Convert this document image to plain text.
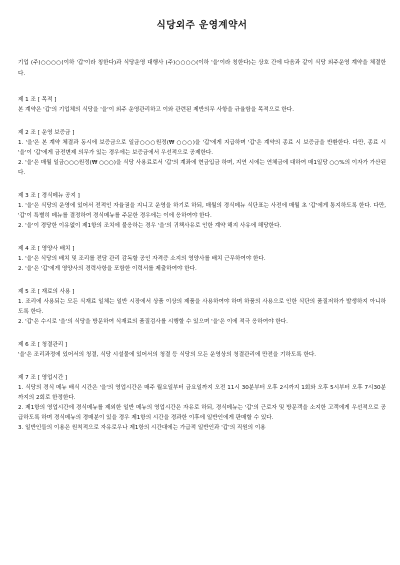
식당외주 운영계약서

기업 (주)○○○○(이하 '갑'이라 칭한다)과 식당운영 대행사 (주)○○○○(이하 '을'이라 칭한다)는 상호 간에 다음과 같이 식당 외주운영 계약을 체결한다.

제 1 조 [ 목적 ]

본 계약은 '갑'의 기업체의 식당을 '을'이 외주 운영관리하고 이와 관련된 제반의무 사항을 규율함을 목적으로 한다.

제 2 조 [ 운영 보증금 ]

1. '을'은 본 계약 체결과 동시에 보증금으로 일금○○○원정(₩ ○○○)을 '갑'에게 지급하며 '갑'은 계약의 종료 시 보증금을 반환한다. 다만, 종료 시 '을'이 '갑'에게 금전변제 의무가 있는 경우에는 보증금에서 우선적으로 공제한다.

2. '을'은 매월 일금○○○원정(₩ ○○○)을 식당 사용료로서 '갑'의 계좌에 현금입금 하며, 지연 시에는 연체금에 대하여 매1일당 ○○%의 이자가 가산된다.

제 3 조 [ 경식메뉴 공지 ]

1. '을'은 식당의 운영에 있어서 전적인 자율권을 지니고 운영을 하기로 하되, 매월의 경식메뉴 식단표는 사전에 매월 초 '갑'에게 통지하도록 한다. 다만, '갑'이 특별히 메뉴를 결정하여 경식메뉴를 주문한 경우에는 이에 응하여야 한다.

2. '을'이 경당한 이유없이 제1항의 조치에 불응하는 경우 '을'의 귀책사유로 인한 계약 해지 사유에 해당한다.

제 4 조 [ 영양사 배치 ]

1. '을'은 식당의 배치 및 조리를 전담 관리 감독할 공인 자격증 소지의 영양사를 배치 근무하여야 한다.

2. '을'은 '갑'에게 영양사의 경력사항을 포함한 이력서를 제출하여야 한다.

제 5 조 [ 재료의 사용 ]

1. 조리에 사용되는 모든 식재료 일체는 일반 시장에서 상품 이상의 제품을 사용하여야 하며 하품의 사용으로 인한 식단의 품질저하가 발생하지 아니하도록 한다.

2. '갑'은 수시로 '을'의 식당을 방문하여 식재료의 품질검사를 시행할 수 있으며 '을'은 이에 적극 응하여야 한다.

제 6 조 [ 청결관리 ]

'을'은 조리과정에 있어서의 청결, 식당 시설물에 있어서의 청결 등 식당의 모든 운영상의 청결관리에 만전을 기하도록 한다.

제 7 조 [ 영업시간 ]

1. 식당의 경식 메뉴 배식 시간은 '을'의 영업시간은 매주 월요일부터 금요일까지 오전 11시 30분부터 오후 2시까지 1회와 오후 5시부터 오후 7시30분까지의 2회로 한정한다.

2. 제1항의 영업시간에 경식메뉴를 제외한 일반 메뉴의 영업시간은 자유로 하되, 경식메뉴는 '갑'의 근로자 및 방문객을 소지한 고객에게 우선적으로 공급하도록 하며 경식메뉴의 경매분이 있을 경우 제1항의 시간을 경과한 이후에 일반인에게 판매할 수 있다.

3. 일반인들의 이용은 원칙적으로 자유로우나 제1항의 시간대에는 가급적 일반인과 '갑'의 직원의 이용
